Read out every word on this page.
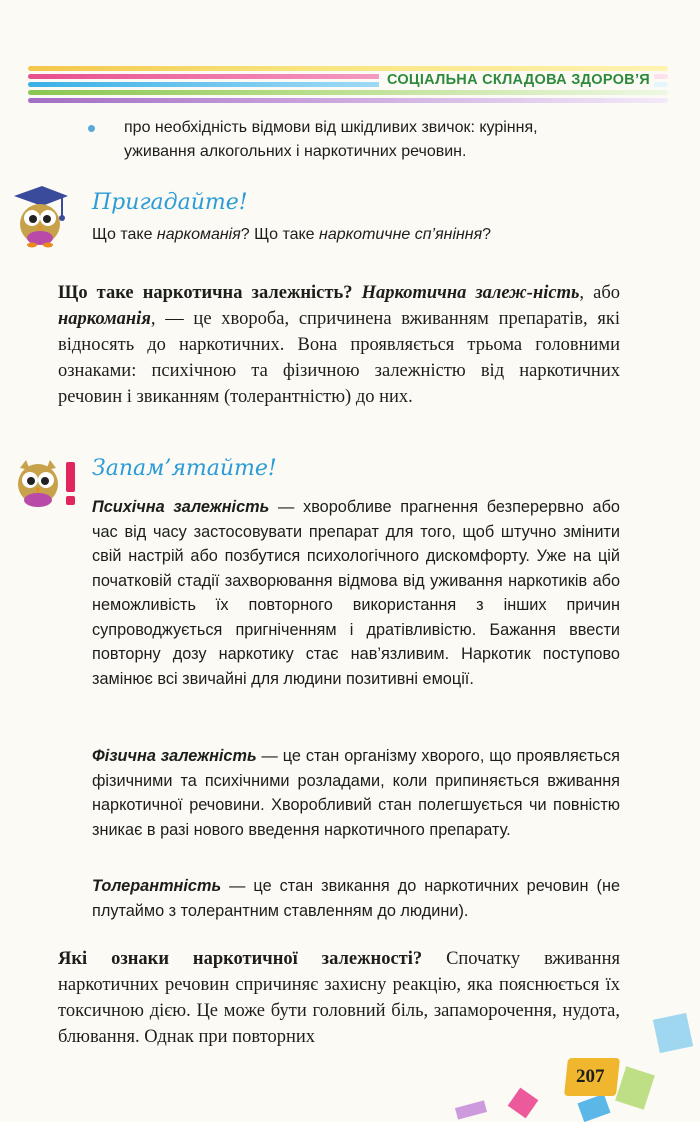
СОЦІАЛЬНА СКЛАДОВА ЗДОРОВ’Я
про необхідність відмови від шкідливих звичок: куріння,
уживання алкогольних і наркотичних речовин.
Пригадайте!
Що таке наркоманія? Що таке наркотичне сп’яніння?
Що таке наркотична залежність? Наркотична залеж-ність, або наркоманія, — це хвороба, спричинена вживанням препаратів, які відносять до наркотичних. Вона проявляється трьома головними ознаками: психічною та фізичною залежністю від наркотичних речовин і звиканням (толерантністю) до них.
Запам’ятайте!
Психічна залежність — хворобливе прагнення безперервно або час від часу застосовувати препарат для того, щоб штучно змінити свій настрій або позбутися психологічного дискомфорту. Уже на цій початковій стадії захворювання відмова від уживання наркотиків або неможливість їх повторного використання з інших причин супроводжується пригніченням і дратівливістю. Бажання ввести повторну дозу наркотику стає нав’язливим. Наркотик поступово замінює всі звичайні для людини позитивні емоції.
Фізична залежність — це стан організму хворого, що проявляється фізичними та психічними розладами, коли припиняється вживання наркотичної речовини. Хворобливий стан полегшується чи повністю зникає в разі нового введення наркотичного препарату.
Толерантність — це стан звикання до наркотичних речовин (не плутаймо з толерантним ставленням до людини).
Які ознаки наркотичної залежності? Спочатку вживання наркотичних речовин спричиняє захисну реакцію, яка пояснюється їх токсичною дією. Це може бути головний біль, запаморочення, нудота, блювання. Однак при повторних
207
